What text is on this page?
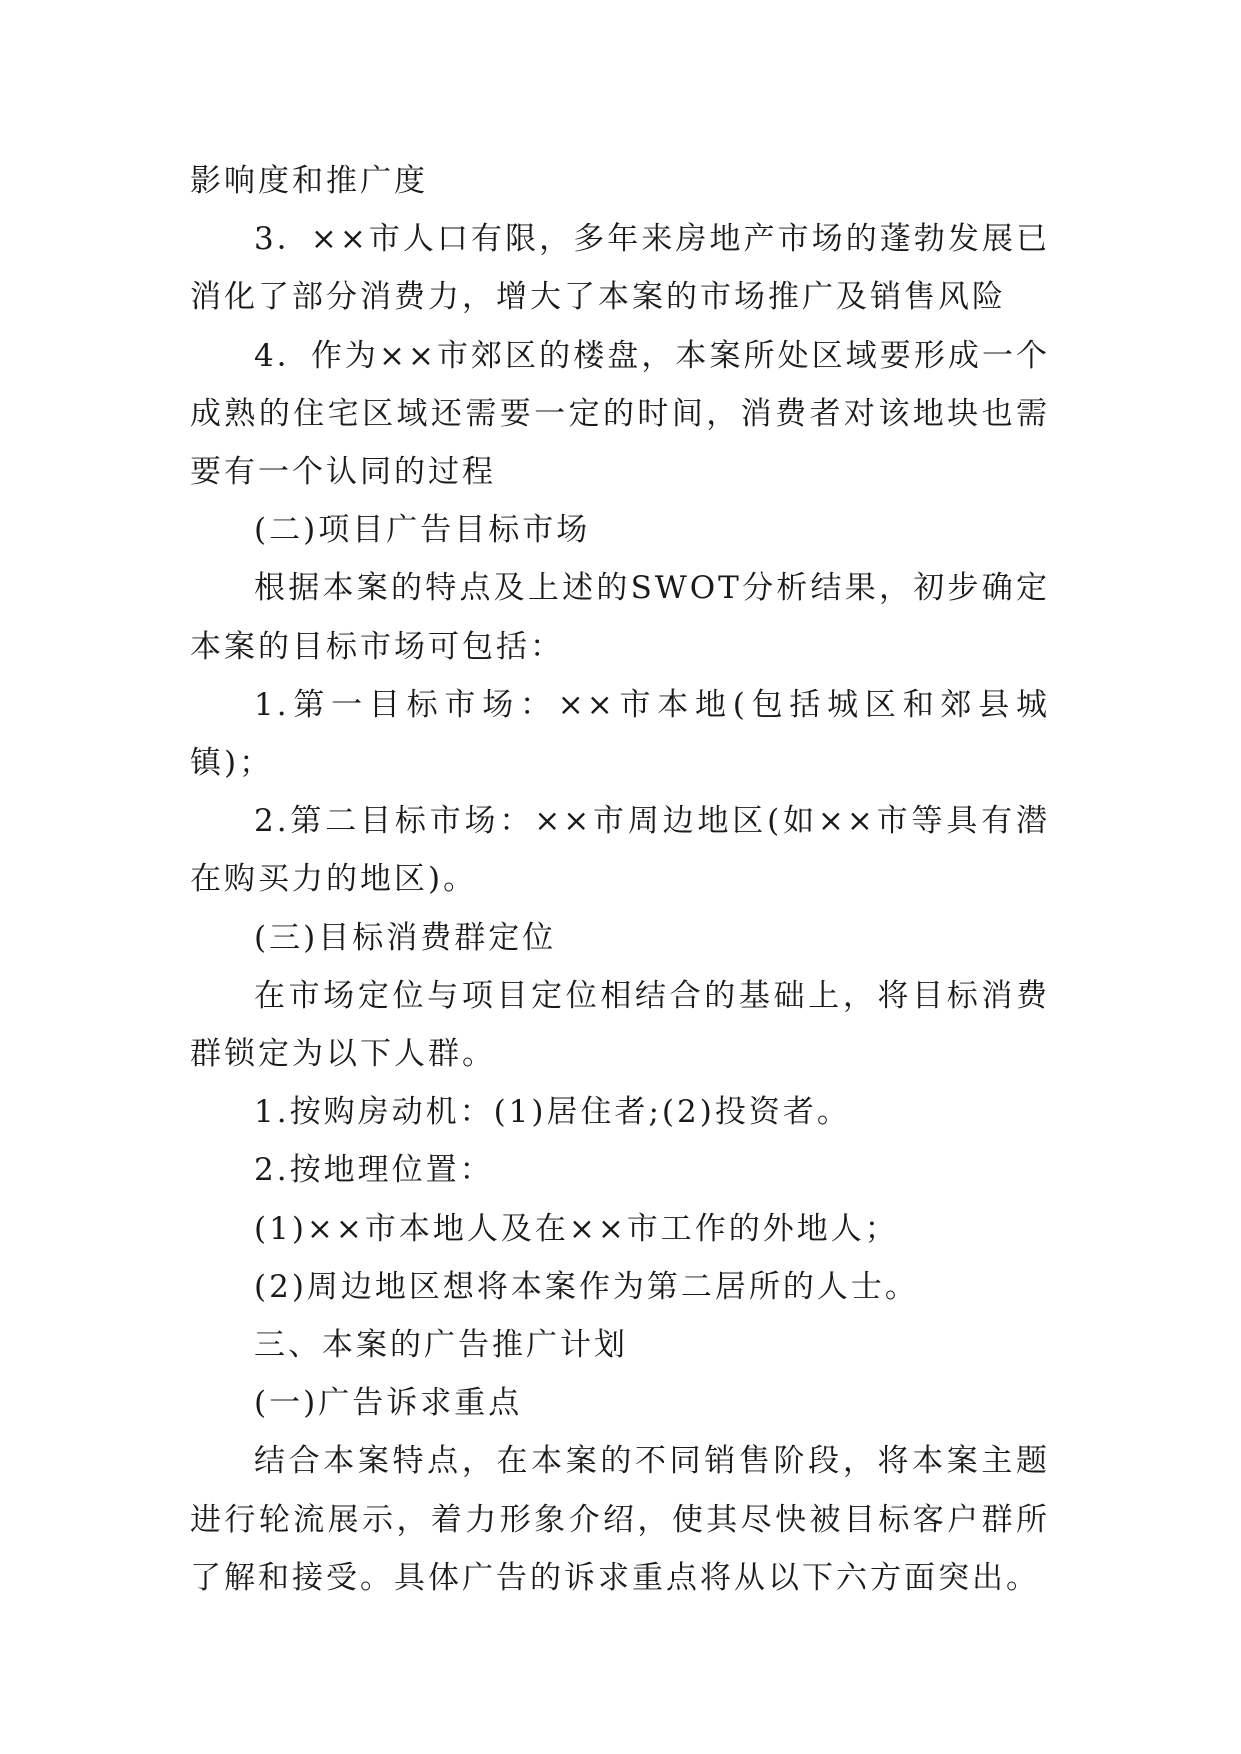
影响度和推广度

3．××市人口有限，多年来房地产市场的蓬勃发展已消化了部分消费力，增大了本案的市场推广及销售风险

4．作为××市郊区的楼盘，本案所处区域要形成一个成熟的住宅区域还需要一定的时间，消费者对该地块也需要有一个认同的过程

(二)项目广告目标市场

根据本案的特点及上述的SWOT分析结果，初步确定本案的目标市场可包括：

1.第一目标市场：××市本地(包括城区和郊县城镇)；

2.第二目标市场：××市周边地区(如××市等具有潜在购买力的地区)。

(三)目标消费群定位

在市场定位与项目定位相结合的基础上，将目标消费群锁定为以下人群。

1.按购房动机：(1)居住者;(2)投资者。

2.按地理位置：

(1)××市本地人及在××市工作的外地人；

(2)周边地区想将本案作为第二居所的人士。

三、本案的广告推广计划

(一)广告诉求重点

结合本案特点，在本案的不同销售阶段，将本案主题进行轮流展示，着力形象介绍，使其尽快被目标客户群所了解和接受。具体广告的诉求重点将从以下六方面突出。
